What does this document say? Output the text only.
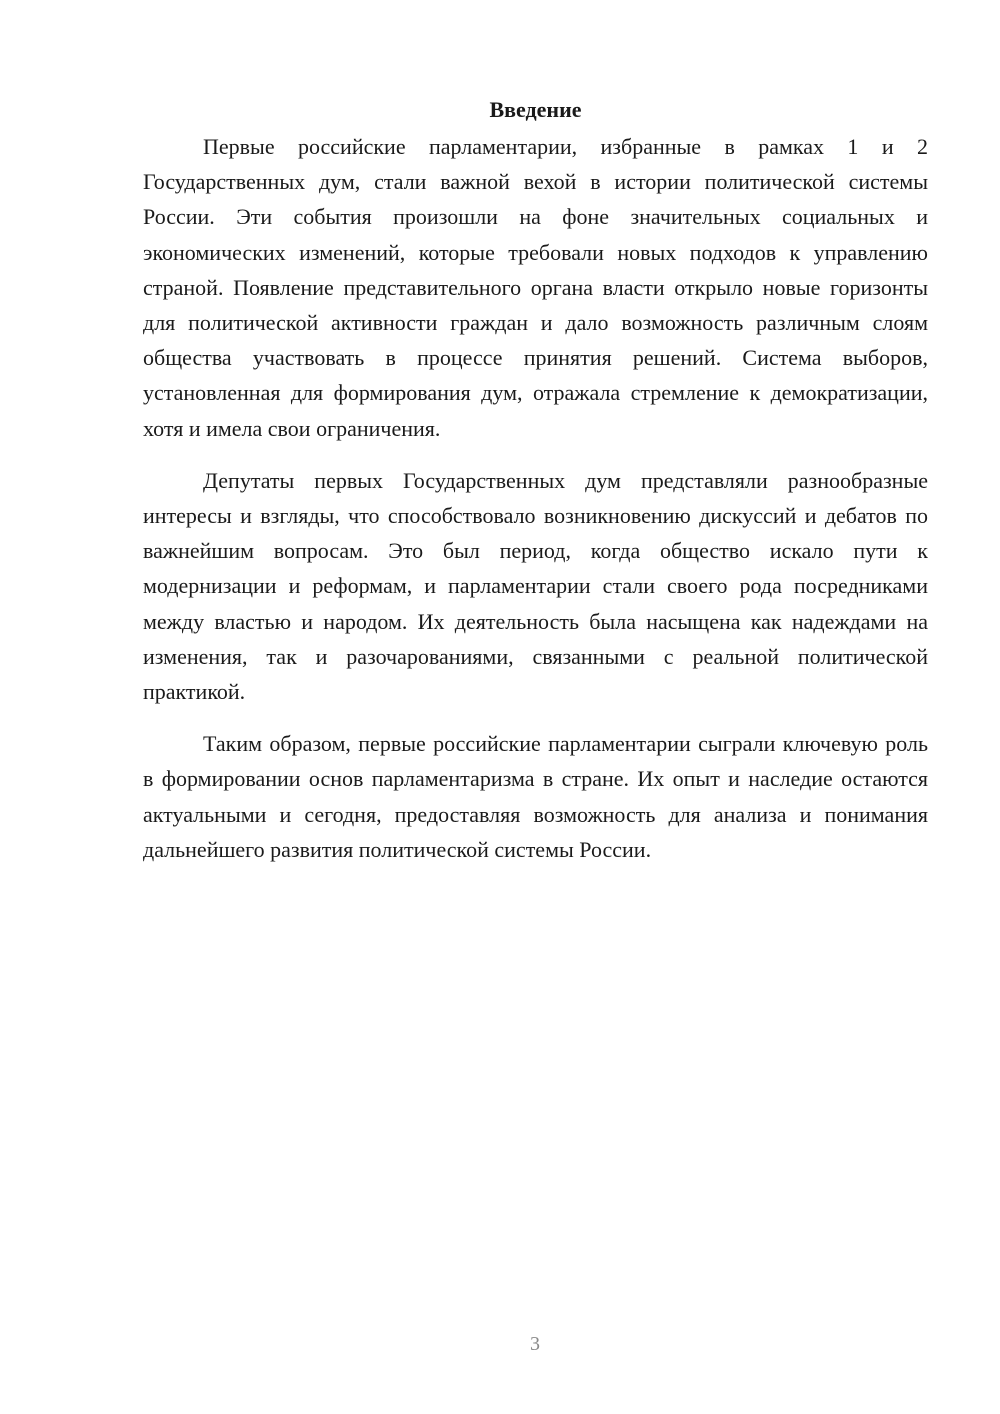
Введение

Первые российские парламентарии, избранные в рамках 1 и 2 Государственных дум, стали важной вехой в истории политической системы России. Эти события произошли на фоне значительных социальных и экономических изменений, которые требовали новых подходов к управлению страной. Появление представительного органа власти открыло новые горизонты для политической активности граждан и дало возможность различным слоям общества участвовать в процессе принятия решений. Система выборов, установленная для формирования дум, отражала стремление к демократизации, хотя и имела свои ограничения.

Депутаты первых Государственных дум представляли разнообразные интересы и взгляды, что способствовало возникновению дискуссий и дебатов по важнейшим вопросам. Это был период, когда общество искало пути к модернизации и реформам, и парламентарии стали своего рода посредниками между властью и народом. Их деятельность была насыщена как надеждами на изменения, так и разочарованиями, связанными с реальной политической практикой.

Таким образом, первые российские парламентарии сыграли ключевую роль в формировании основ парламентаризма в стране. Их опыт и наследие остаются актуальными и сегодня, предоставляя возможность для анализа и понимания дальнейшего развития политической системы России.

3
